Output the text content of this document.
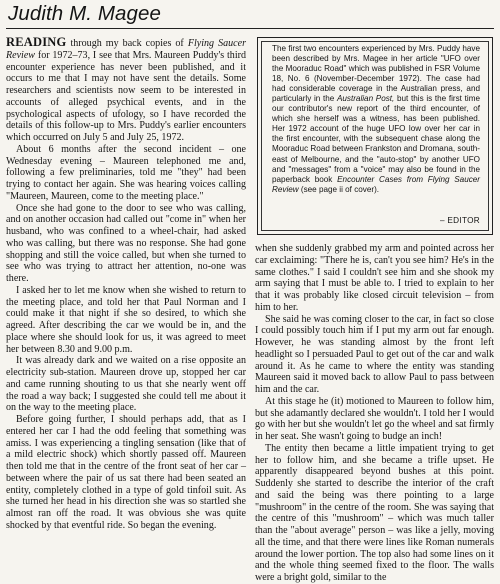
Judith M. Magee

READING through my back copies of Flying Saucer Review for 1972–73, I see that Mrs. Maureen Puddy's third encounter experience has never been published, and it occurs to me that I may not have sent the details. Some researchers and scientists now seem to be interested in accounts of alleged psychical events, and in the psychological aspects of ufology, so I have recorded the details of this follow-up to Mrs. Puddy's earlier encounters which occurred on July 5 and July 25, 1972.

About 6 months after the second incident – one Wednesday evening – Maureen telephoned me and, following a few preliminaries, told me "they" had been trying to contact her again. She was hearing voices calling "Maureen, Maureen, come to the meeting place."

Once she had gone to the door to see who was calling, and on another occasion had called out "come in" when her husband, who was confined to a wheel-chair, had asked who was calling, but there was no response. She had gone shopping and still the voice called, but when she turned to see who was trying to attract her attention, no-one was there.

I asked her to let me know when she wished to return to the meeting place, and told her that Paul Norman and I could make it that night if she so desired, to which she agreed. After describing the car we would be in, and the place where she should look for us, it was agreed to meet her between 8.30 and 9.00 p.m.

It was already dark and we waited on a rise opposite an electricity sub-station. Maureen drove up, stopped her car and came running shouting to us that she nearly went off the road a way back; I suggested she could tell me about it on the way to the meeting place.

Before going further, I should perhaps add, that as I entered her car I had the odd feeling that something was amiss. I was experiencing a tingling sensation (like that of a mild electric shock) which shortly passed off. Maureen then told me that in the centre of the front seat of her car – between where the pair of us sat there had been seated an entity, completely clothed in a type of gold tinfoil suit. As she turned her head in his direction she was so startled she almost ran off the road. It was obvious she was quite shocked by that eventful ride. So began the evening.

The first two encounters experienced by Mrs. Puddy have been described by Mrs. Magee in her article "UFO over the Mooraduc Road" which was published in FSR Volume 18, No. 6 (November-December 1972). The case had had considerable coverage in the Australian press, and particularly in the Australian Post, but this is the first time our contributor's new report of the third encounter, of which she herself was a witness, has been published. Her 1972 account of the huge UFO low over her car in the first encounter, with the subsequent chase along the Mooraduc Road between Frankston and Dromana, south-east of Melbourne, and the "auto-stop" by another UFO and "messages" from a "voice" may also be found in the paperback book Encounter Cases from Flying Saucer Review (see page ii of cover).

– EDITOR

when she suddenly grabbed my arm and pointed across her car exclaiming: "There he is, can't you see him? He's in the same clothes." I said I couldn't see him and she shook my arm saying that I must be able to. I tried to explain to her that it was probably like closed circuit television – from him to her.

She said he was coming closer to the car, in fact so close I could possibly touch him if I put my arm out far enough. However, he was standing almost by the front left headlight so I persuaded Paul to get out of the car and walk around it. As he came to where the entity was standing Maureen said it moved back to allow Paul to pass between him and the car.

At this stage he (it) motioned to Maureen to follow him, but she adamantly declared she wouldn't. I told her I would go with her but she wouldn't let go the wheel and sat firmly in her seat. She wasn't going to budge an inch!

The entity then became a little impatient trying to get her to follow him, and she became a trifle upset. He apparently disappeared beyond bushes at this point. Suddenly she started to describe the interior of the craft and said the being was there pointing to a large "mushroom" in the centre of the room. She was saying that the centre of this "mushroom" – which was much taller than the "about average" person – was like a jelly, moving all the time, and that there were lines like Roman numerals around the lower portion. The top also had some lines on it and the whole thing seemed fixed to the floor. The walls were a bright gold, similar to the
